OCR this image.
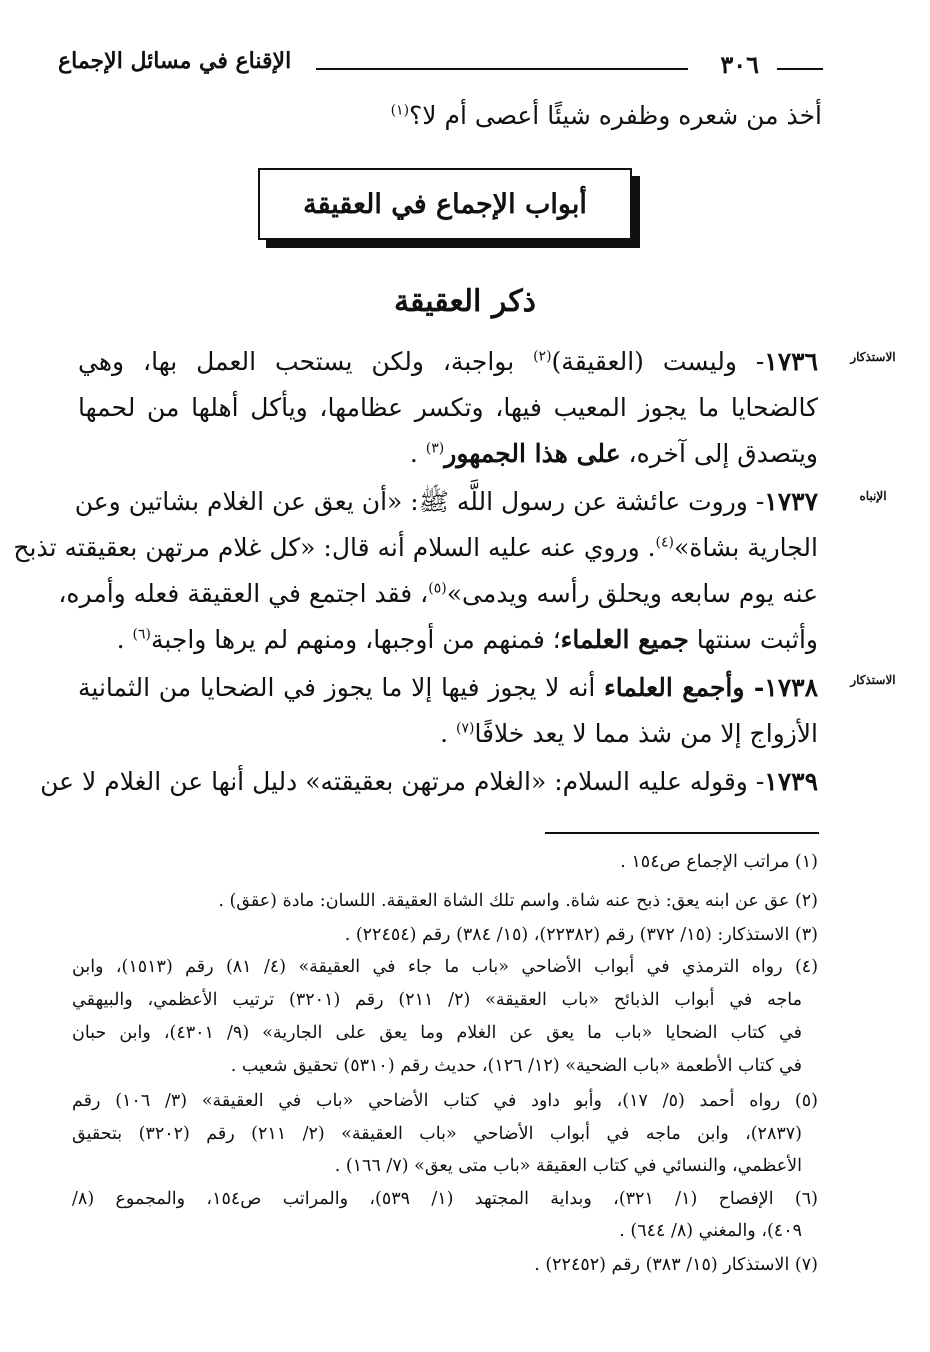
٣٠٦
الإقناع في مسائل الإجماع
أخذ من شعره وظفره شيئًا أعصى أم لا؟$^{(١)}$
أبواب الإجماع في العقيقة
ذكر العقيقة
الاستذكار
الإنباه
الاستذكار
١٧٣٦- وليست (العقيقة)$^{(٢)}$ بواجبة، ولكن يستحب العمل بها، وهي
كالضحايا ما يجوز المعيب فيها، وتكسر عظامها، ويأكل أهلها من لحمها
ويتصدق إلى آخره، على هذا الجمهور$^{(٣)}$ .
١٧٣٧- وروت عائشة عن رسول اللَّه ﷺ: «أن يعق عن الغلام بشاتين وعن
الجارية بشاة»$^{(٤)}$. وروي عنه عليه السلام أنه قال: «كل غلام مرتهن بعقيقته تذبح
عنه يوم سابعه ويحلق رأسه ويدمى»$^{(٥)}$، فقد اجتمع في العقيقة فعله وأمره،
وأثبت سنتها جميع العلماء؛ فمنهم من أوجبها، ومنهم لم يرها واجبة$^{(٦)}$ .
١٧٣٨- وأجمع العلماء أنه لا يجوز فيها إلا ما يجوز في الضحايا من الثمانية
الأزواج إلا من شذ مما لا يعد خلافًا$^{(٧)}$ .
١٧٣٩- وقوله عليه السلام: «الغلام مرتهن بعقيقته» دليل أنها عن الغلام لا عن
(١) مراتب الإجماع ص١٥٤ .
(٢) عق عن ابنه يعق: ذبح عنه شاة. واسم تلك الشاة العقيقة. اللسان: مادة (عقق) .
(٣) الاستذكار: (١٥/ ٣٧٢) رقم (٢٢٣٨٢)، (١٥/ ٣٨٤) رقم (٢٢٤٥٤) .
(٤) رواه الترمذي في أبواب الأضاحي «باب ما جاء في العقيقة» (٤/ ٨١) رقم (١٥١٣)، وابن
ماجه في أبواب الذبائح «باب العقيقة» (٢/ ٢١١) رقم (٣٢٠١) ترتيب الأعظمي، والبيهقي
في كتاب الضحايا «باب ما يعق عن الغلام وما يعق على الجارية» (٩/ ٤٣٠١)، وابن حبان
في كتاب الأطعمة «باب الضحية» (١٢/ ١٢٦)، حديث رقم (٥٣١٠) تحقيق شعيب .
(٥) رواه أحمد (٥/ ١٧)، وأبو داود في كتاب الأضاحي «باب في العقيقة» (٣/ ١٠٦) رقم
(٢٨٣٧)، وابن ماجه في أبواب الأضاحي «باب العقيقة» (٢/ ٢١١) رقم (٣٢٠٢) بتحقيق
الأعظمي، والنسائي في كتاب العقيقة «باب متى يعق» (٧/ ١٦٦) .
(٦) الإفصاح (١/ ٣٢١)، وبداية المجتهد (١/ ٥٣٩)، والمراتب ص١٥٤، والمجموع (٨/
٤٠٩)، والمغني (٨/ ٦٤٤) .
(٧) الاستذكار (١٥/ ٣٨٣) رقم (٢٢٤٥٢) .
